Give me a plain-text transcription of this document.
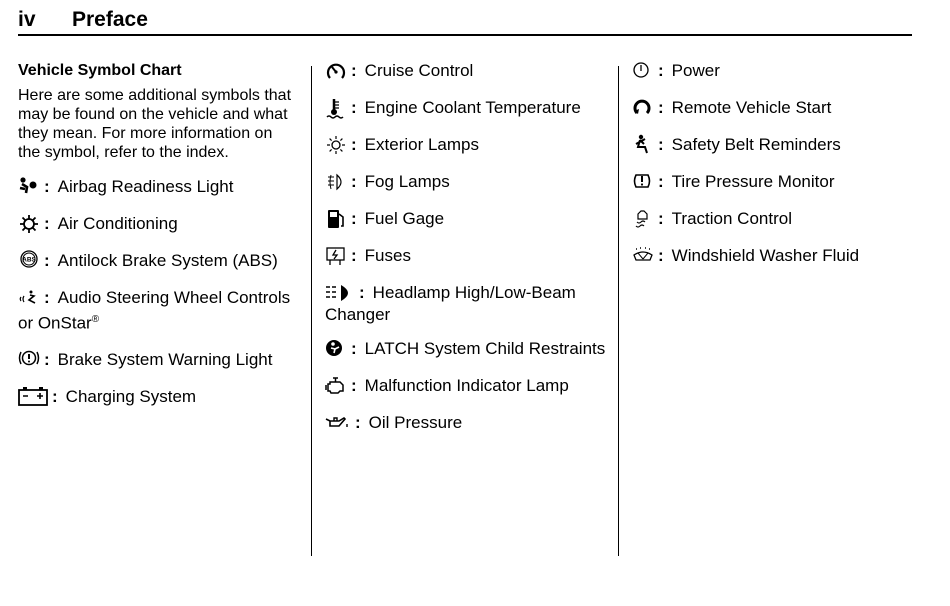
iv Preface
Vehicle Symbol Chart
Here are some additional symbols that may be found on the vehicle and what they mean. For more information on the symbol, refer to the index.
: Airbag Readiness Light
: Air Conditioning
ABS : Antilock Brake System (ABS)
: Audio Steering Wheel Controls or OnStar®
: Brake System Warning Light
: Charging System
: Cruise Control
: Engine Coolant Temperature
: Exterior Lamps
: Fog Lamps
: Fuel Gage
: Fuses
: Headlamp High/Low-Beam Changer
: LATCH System Child Restraints
: Malfunction Indicator Lamp
: Oil Pressure
: Power
: Remote Vehicle Start
: Safety Belt Reminders
: Tire Pressure Monitor
: Traction Control
: Windshield Washer Fluid
